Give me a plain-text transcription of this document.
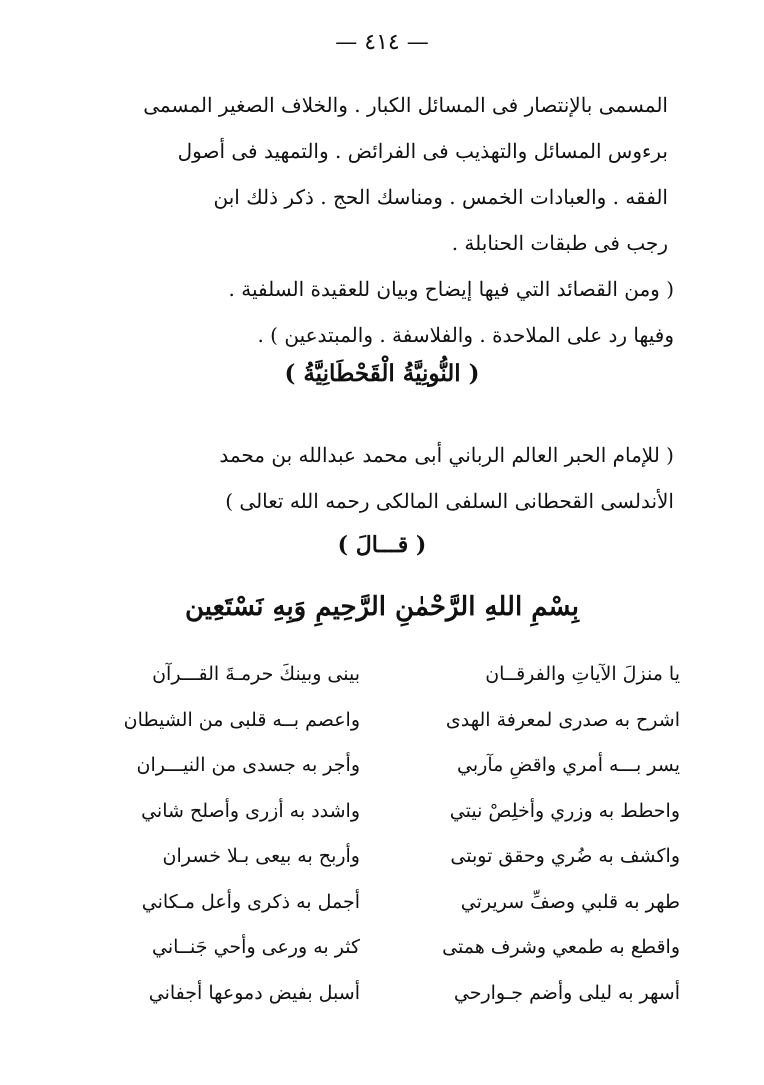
— ٤١٤ —
المسمى بالإنتصار فى المسائل الكبار . والخلاف الصغير المسمى
برءوس المسائل والتهذيب فى الفرائض . والتمهيد فى أصول
الفقه . والعبادات الخمس . ومناسك الحج . ذكر ذلك ابن
رجب فى طبقات الحنابلة .
( ومن القصائد التي فيها إيضاح وبيان للعقيدة السلفية .
وفيها رد على الملاحدة . والفلاسفة . والمبتدعين ) .
( النُّونِيَّةُ الْقَحْطَانِيَّةُ )
( للإمام الحبر العالم الرباني أبى محمد عبدالله بن محمد
الأندلسى القحطانى السلفى المالكى رحمه الله تعالى )
( قـــالَ )
بِسْمِ اللهِ الرَّحْمٰنِ الرَّحِيمِ وَبِهِ نَسْتَعِين
يا منزلَ الآياتِ والفرقــان
بينى وبينكَ حرمـةَ القـــرآن
اشرح به صدرى لمعرفة الهدى
واعصم بــه قلبى من الشيطان
يسر بـــه أمري واقضِ مآربي
وأجر به جسدى من النيـــران
واحطط به وزري وأخلِصْ نيتي
واشدد به أزرى وأصلح شاني
واكشف به ضُري وحقق توبتى
وأربح به بيعى بـلا خسران
طهر به قلبي وصفِّ سريرتي
أجمل به ذكرى وأعل مـكاني
واقطع به طمعي وشرف همتى
كثر به ورعى وأحي جَنــاني
أسهر به ليلى وأضم جـوارحي
أسبل بفيض دموعها أجفاني
